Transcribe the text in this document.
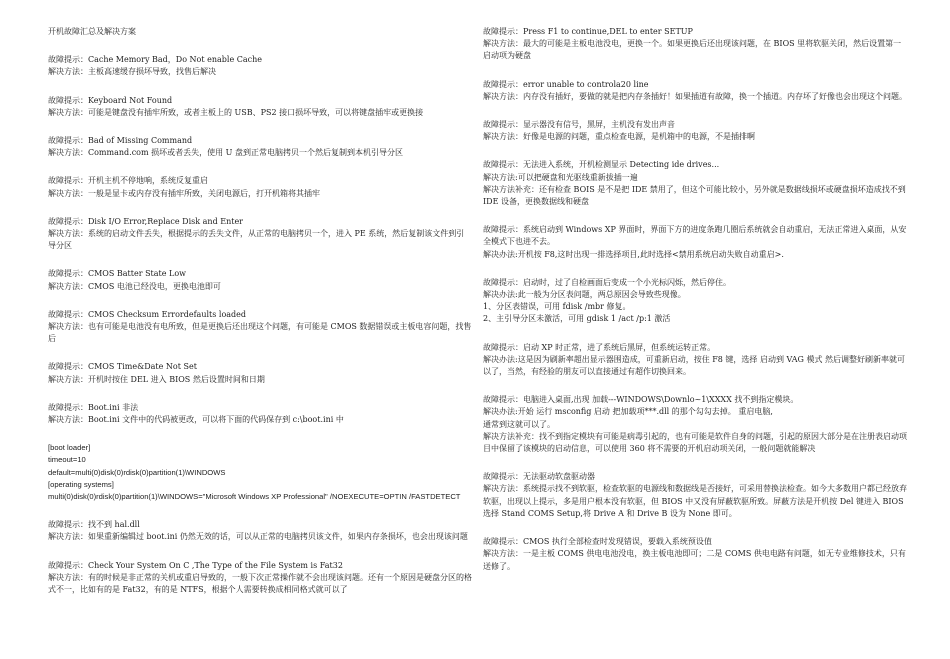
开机故障汇总及解决方案
故障提示：Cache Memory Bad，Do Not enable Cache
解决方法：主板高速缓存损坏导致，找售后解决
故障提示：Keyboard Not Found
解决方法：可能是键盘没有插牢所致，或者主板上的 USB、PS2 接口损坏导致，可以将键盘插牢或更换接
故障提示：Bad of Missing Command
解决方法：Command.com 损坏或者丢失，使用 U 盘到正常电脑拷贝一个然后复制到本机引导分区
故障提示：开机主机不停地响，系统反复重启
解决方法：一般是显卡或内存没有插牢所致，关闭电源后，打开机箱将其插牢
故障提示：Disk I/O Error,Replace Disk and Enter
解决方法：系统的启动文件丢失，根据提示的丢失文件，从正常的电脑拷贝一个，进入 PE 系统，然后复制该文件到引导分区
故障提示：CMOS Batter State Low
解决方法：CMOS 电池已经没电，更换电池即可
故障提示：CMOS Checksum Errordefaults loaded
解决方法：也有可能是电池没有电所致，但是更换后还出现这个问题，有可能是 CMOS 数据错误或主板电容问题，找售后
故障提示：CMOS Time&Date Not Set
解决方法：开机时按住 DEL 进入 BIOS 然后设置时间和日期
故障提示：Boot.ini 非法
解决方法：Boot.ini 文件中的代码被更改，可以将下面的代码保存到 c:\boot.ini 中
[boot loader]
timeout=10
default=multi(0)disk(0)rdisk(0)partition(1)\WINDOWS
[operating systems]
multi(0)disk(0)rdisk(0)partition(1)\WINDOWS="Microsoft Windows XP Professional" /NOEXECUTE=OPTIN /FASTDETECT
故障提示：找不到 hal.dll
解决方法：如果重新编辑过 boot.ini 仍然无效的话，可以从正常的电脑拷贝该文件，如果内存条损坏，也会出现该问题
故障提示：Check Your System On C ,The Type of the File System is Fat32
解决方法：有的时候是非正常的关机或重启导致的，一般下次正常操作就不会出现该问题。还有一个原因是硬盘分区的格式不一，比如有的是 Fat32，有的是 NTFS，根据个人需要转换成相同格式就可以了
故障提示：Press F1 to continue,DEL to enter SETUP
解决方法：最大的可能是主板电池没电，更换一个。如果更换后还出现该问题，在 BIOS 里将软驱关闭，然后设置第一启动项为硬盘
故障提示：error unable to controla20 line
解决方法：内存没有插好，要做的就是把内存条插好！如果插道有故障，换一个插道。内存坏了好像也会出现这个问题。
故障提示：显示器没有信号，黑屏，主机没有发出声音
解决方法：好像是电源的问题，重点检查电源，是机箱中的电源，不是插排啊
故障提示：无法进入系统，开机检测显示 Detecting ide drives...
解决方法:可以把硬盘和光驱线重新拔插一遍
解决方法补充：还有检查 BOIS 是不是把 IDE 禁用了，但这个可能比较小，另外就是数据线损坏或硬盘损坏造成找不到 IDE 设备，更换数据线和硬盘
故障提示：系统启动到 Windows XP 界面时，界面下方的进度条跑几圈后系统就会自动重启，无法正常进入桌面，从安全模式下也进不去。
解决办法:开机按 F8,这时出现一排选择项目,此时选择<禁用系统启动失败自动重启>.
故障提示：启动时，过了自检画面后变成一个小光标闪烁，然后停住。
解决办法:此一般为分区表问题，两总原因会导致些现像。
1、分区表错误，可用 fdisk /mbr 修复。
2、主引导分区未激活，可用 gdisk 1 /act /p:1 激活
故障提示：启动 XP 时正常，进了系统后黑屏，但系统运转正常。
解决办法:这是因为刷新率超出显示器围造成，可重新启动，按住 F8 键，选择 启动到 VAG 模式 然后调整好刷新率就可以了，当然，有经验的朋友可以直接通过有超作切换回来。
故障提示：电脑进入桌面,出现 加载---WINDOWS\Downlo~1\XXXX 找不到指定模块。
解决办法:开始 运行 msconfig 启动 把加载项***.dll 的那个勾勾去掉。 重启电脑,
通常到这就可以了。
解决方法补充：找不到指定模块有可能是病毒引起的，也有可能是软件自身的问题，引起的原因大部分是在注册表启动项目中保留了该模块的启动信息，可以使用 360 将不需要的开机启动项关闭，一般问题就能解决
故障提示：无法驱动软盘驱动器
解决方法：系统提示找不到软驱，检查软驱的电源线和数据线是否接好，可采用替换法检查。如今大多数用户都已经放弃软驱，出现以上提示，多是用户根本没有软驱，但 BIOS 中又没有屏蔽软驱所致。屏蔽方法是开机按 Del 键进入 BIOS 选择 Stand COMS Setup,将 Drive A 和 Drive B 设为 None 即可。
故障提示：CMOS 执行全部检查时发现错误，要载入系统预设值
解决方法：一是主板 COMS 供电电池没电，换主板电池即可；二是 COMS 供电电路有问题，如无专业维修技术，只有送修了。
